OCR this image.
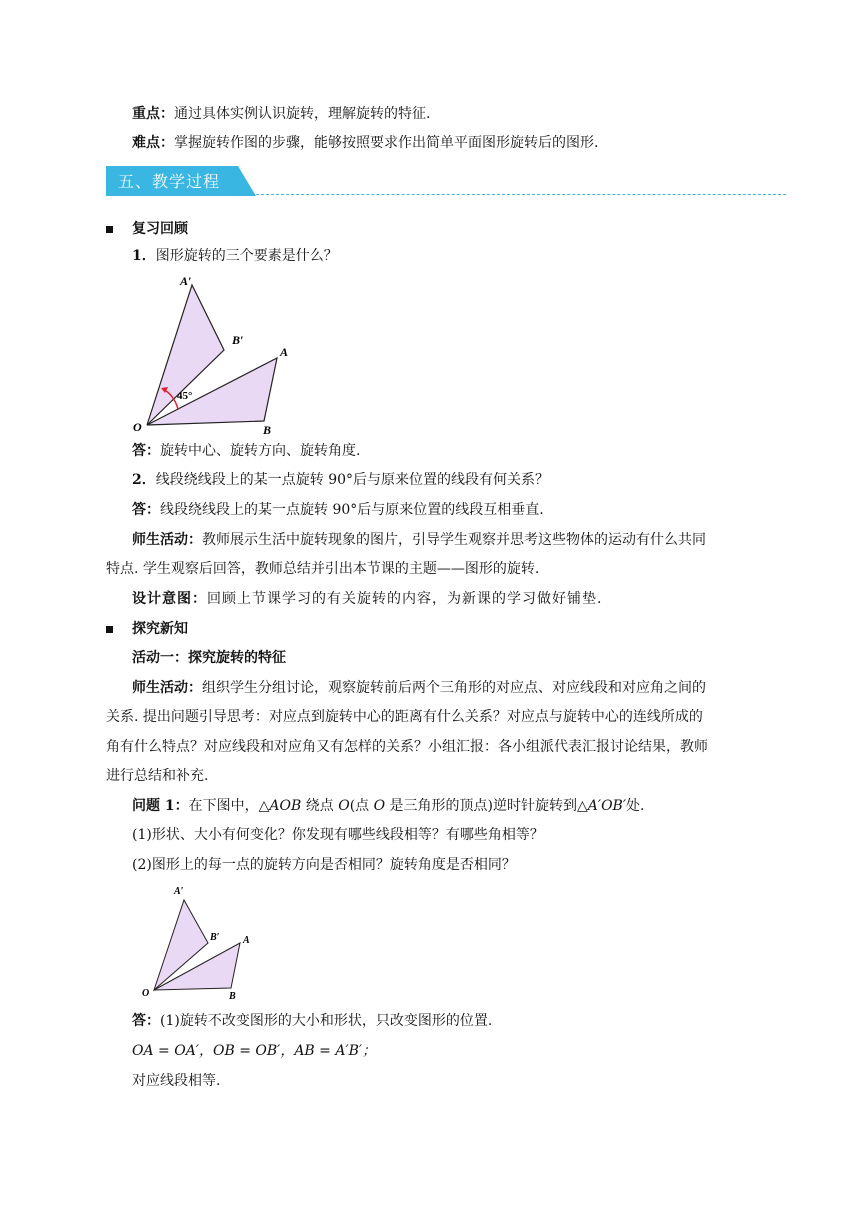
重点：通过具体实例认识旋转，理解旋转的特征.
难点：掌握旋转作图的步骤，能够按照要求作出简单平面图形旋转后的图形.
五、教学过程
复习回顾
1．图形旋转的三个要素是什么？
A′
B′
A
B
O
45°
答：旋转中心、旋转方向、旋转角度.
2．线段绕线段上的某一点旋转 90°后与原来位置的线段有何关系？
答：线段绕线段上的某一点旋转 90°后与原来位置的线段互相垂直.
师生活动：教师展示生活中旋转现象的图片，引导学生观察并思考这些物体的运动有什么共同
特点. 学生观察后回答，教师总结并引出本节课的主题——图形的旋转.
设计意图：回顾上节课学习的有关旋转的内容，为新课的学习做好铺垫.
探究新知
活动一：探究旋转的特征
师生活动：组织学生分组讨论，观察旋转前后两个三角形的对应点、对应线段和对应角之间的
关系. 提出问题引导思考：对应点到旋转中心的距离有什么关系？对应点与旋转中心的连线所成的
角有什么特点？对应线段和对应角又有怎样的关系？小组汇报：各小组派代表汇报讨论结果，教师
进行总结和补充.
问题 1：在下图中，△AOB 绕点 O(点 O 是三角形的顶点)逆时针旋转到△A′OB′处.
(1)形状、大小有何变化？你发现有哪些线段相等？有哪些角相等？
(2)图形上的每一点的旋转方向是否相同？旋转角度是否相同？
A′
B′ A
B
O
答：(1)旋转不改变图形的大小和形状，只改变图形的位置.
OA = OA′，OB = OB′，AB = A′B′；
对应线段相等.
